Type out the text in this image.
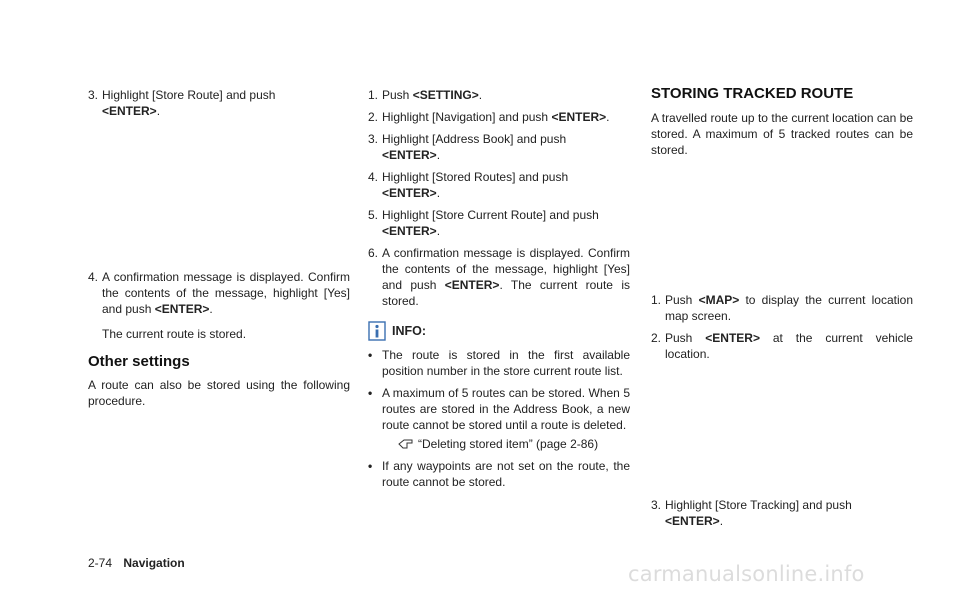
3. Highlight [Store Route] and push
<ENTER>.
4. A confirmation message is displayed. Confirm the contents of the message, highlight [Yes] and push <ENTER>.
The current route is stored.
Other settings
A route can also be stored using the following procedure.
1. Push <SETTING>.
2. Highlight [Navigation] and push <ENTER>.
3. Highlight [Address Book] and push
<ENTER>.
4. Highlight [Stored Routes] and push
<ENTER>.
5. Highlight [Store Current Route] and push
<ENTER>.
6. A confirmation message is displayed. Confirm the contents of the message, highlight [Yes] and push <ENTER>. The current route is stored.
INFO:
• The route is stored in the first available position number in the store current route list.
• A maximum of 5 routes can be stored. When 5 routes are stored in the Address Book, a new route cannot be stored until a route is deleted.
“Deleting stored item” (page 2-86)
• If any waypoints are not set on the route, the route cannot be stored.
STORING TRACKED ROUTE
A travelled route up to the current location can be stored. A maximum of 5 tracked routes can be stored.
1. Push <MAP> to display the current location map screen.
2. Push <ENTER> at the current vehicle location.
3. Highlight [Store Tracking] and push
<ENTER>.
2-74 Navigation	carmanualsonline.info
